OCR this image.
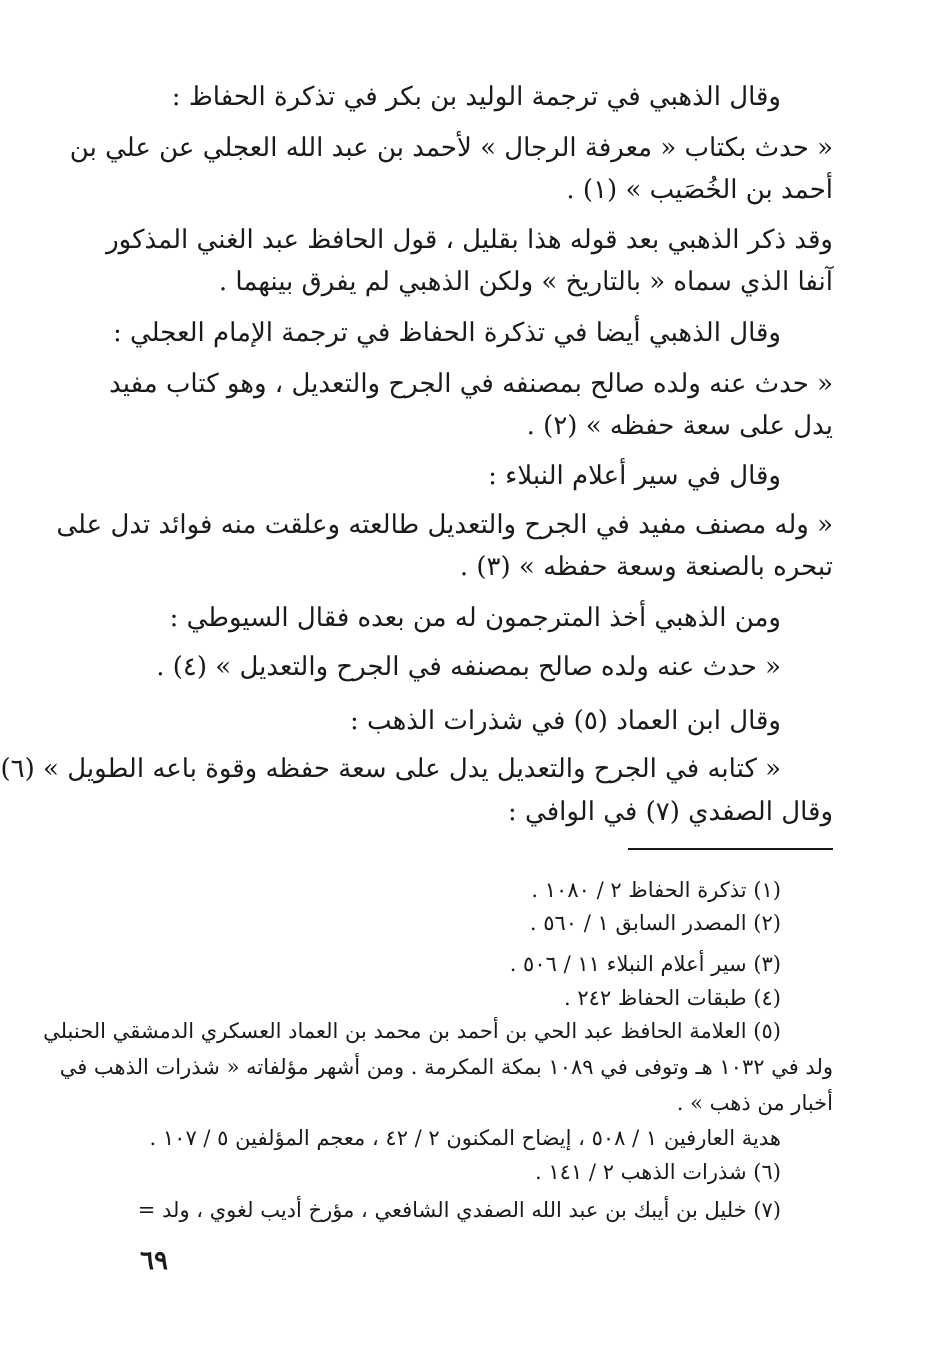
وقال الذهبي في ترجمة الوليد بن بكر في تذكرة الحفاظ :
« حدث بكتاب « معرفة الرجال » لأحمد بن عبد الله العجلي عن علي بن
أحمد بن الخُصَيب » (١) .
وقد ذكر الذهبي بعد قوله هذا بقليل ، قول الحافظ عبد الغني المذكور
آنفا الذي سماه « بالتاريخ » ولكن الذهبي لم يفرق بينهما .
وقال الذهبي أيضا في تذكرة الحفاظ في ترجمة الإمام العجلي :
« حدث عنه ولده صالح بمصنفه في الجرح والتعديل ، وهو كتاب مفيد
يدل على سعة حفظه » (٢) .
وقال في سير أعلام النبلاء :
« وله مصنف مفيد في الجرح والتعديل طالعته وعلقت منه فوائد تدل على
تبحره بالصنعة وسعة حفظه » (٣) .
ومن الذهبي أخذ المترجمون له من بعده فقال السيوطي :
« حدث عنه ولده صالح بمصنفه في الجرح والتعديل » (٤) .
وقال ابن العماد (٥) في شذرات الذهب :
« كتابه في الجرح والتعديل يدل على سعة حفظه وقوة باعه الطويل » (٦)
وقال الصفدي (٧) في الوافي :
(١) تذكرة الحفاظ ٢ / ١٠٨٠ .
(٢) المصدر السابق ١ / ٥٦٠ .
(٣) سير أعلام النبلاء ١١ / ٥٠٦ .
(٤) طبقات الحفاظ ٢٤٢ .
(٥) العلامة الحافظ عبد الحي بن أحمد بن محمد بن العماد العسكري الدمشقي الحنبلي
ولد في ١٠٣٢ هـ وتوفى في ١٠٨٩ بمكة المكرمة . ومن أشهر مؤلفاته « شذرات الذهب في
أخبار من ذهب » .
هدية العارفين ١ / ٥٠٨ ، إيضاح المكنون ٢ / ٤٢ ، معجم المؤلفين ٥ / ١٠٧ .
(٦) شذرات الذهب ٢ / ١٤١ .
(٧) خليل بن أيبك بن عبد الله الصفدي الشافعي ، مؤرخ أديب لغوي ، ولد =
٦٩
